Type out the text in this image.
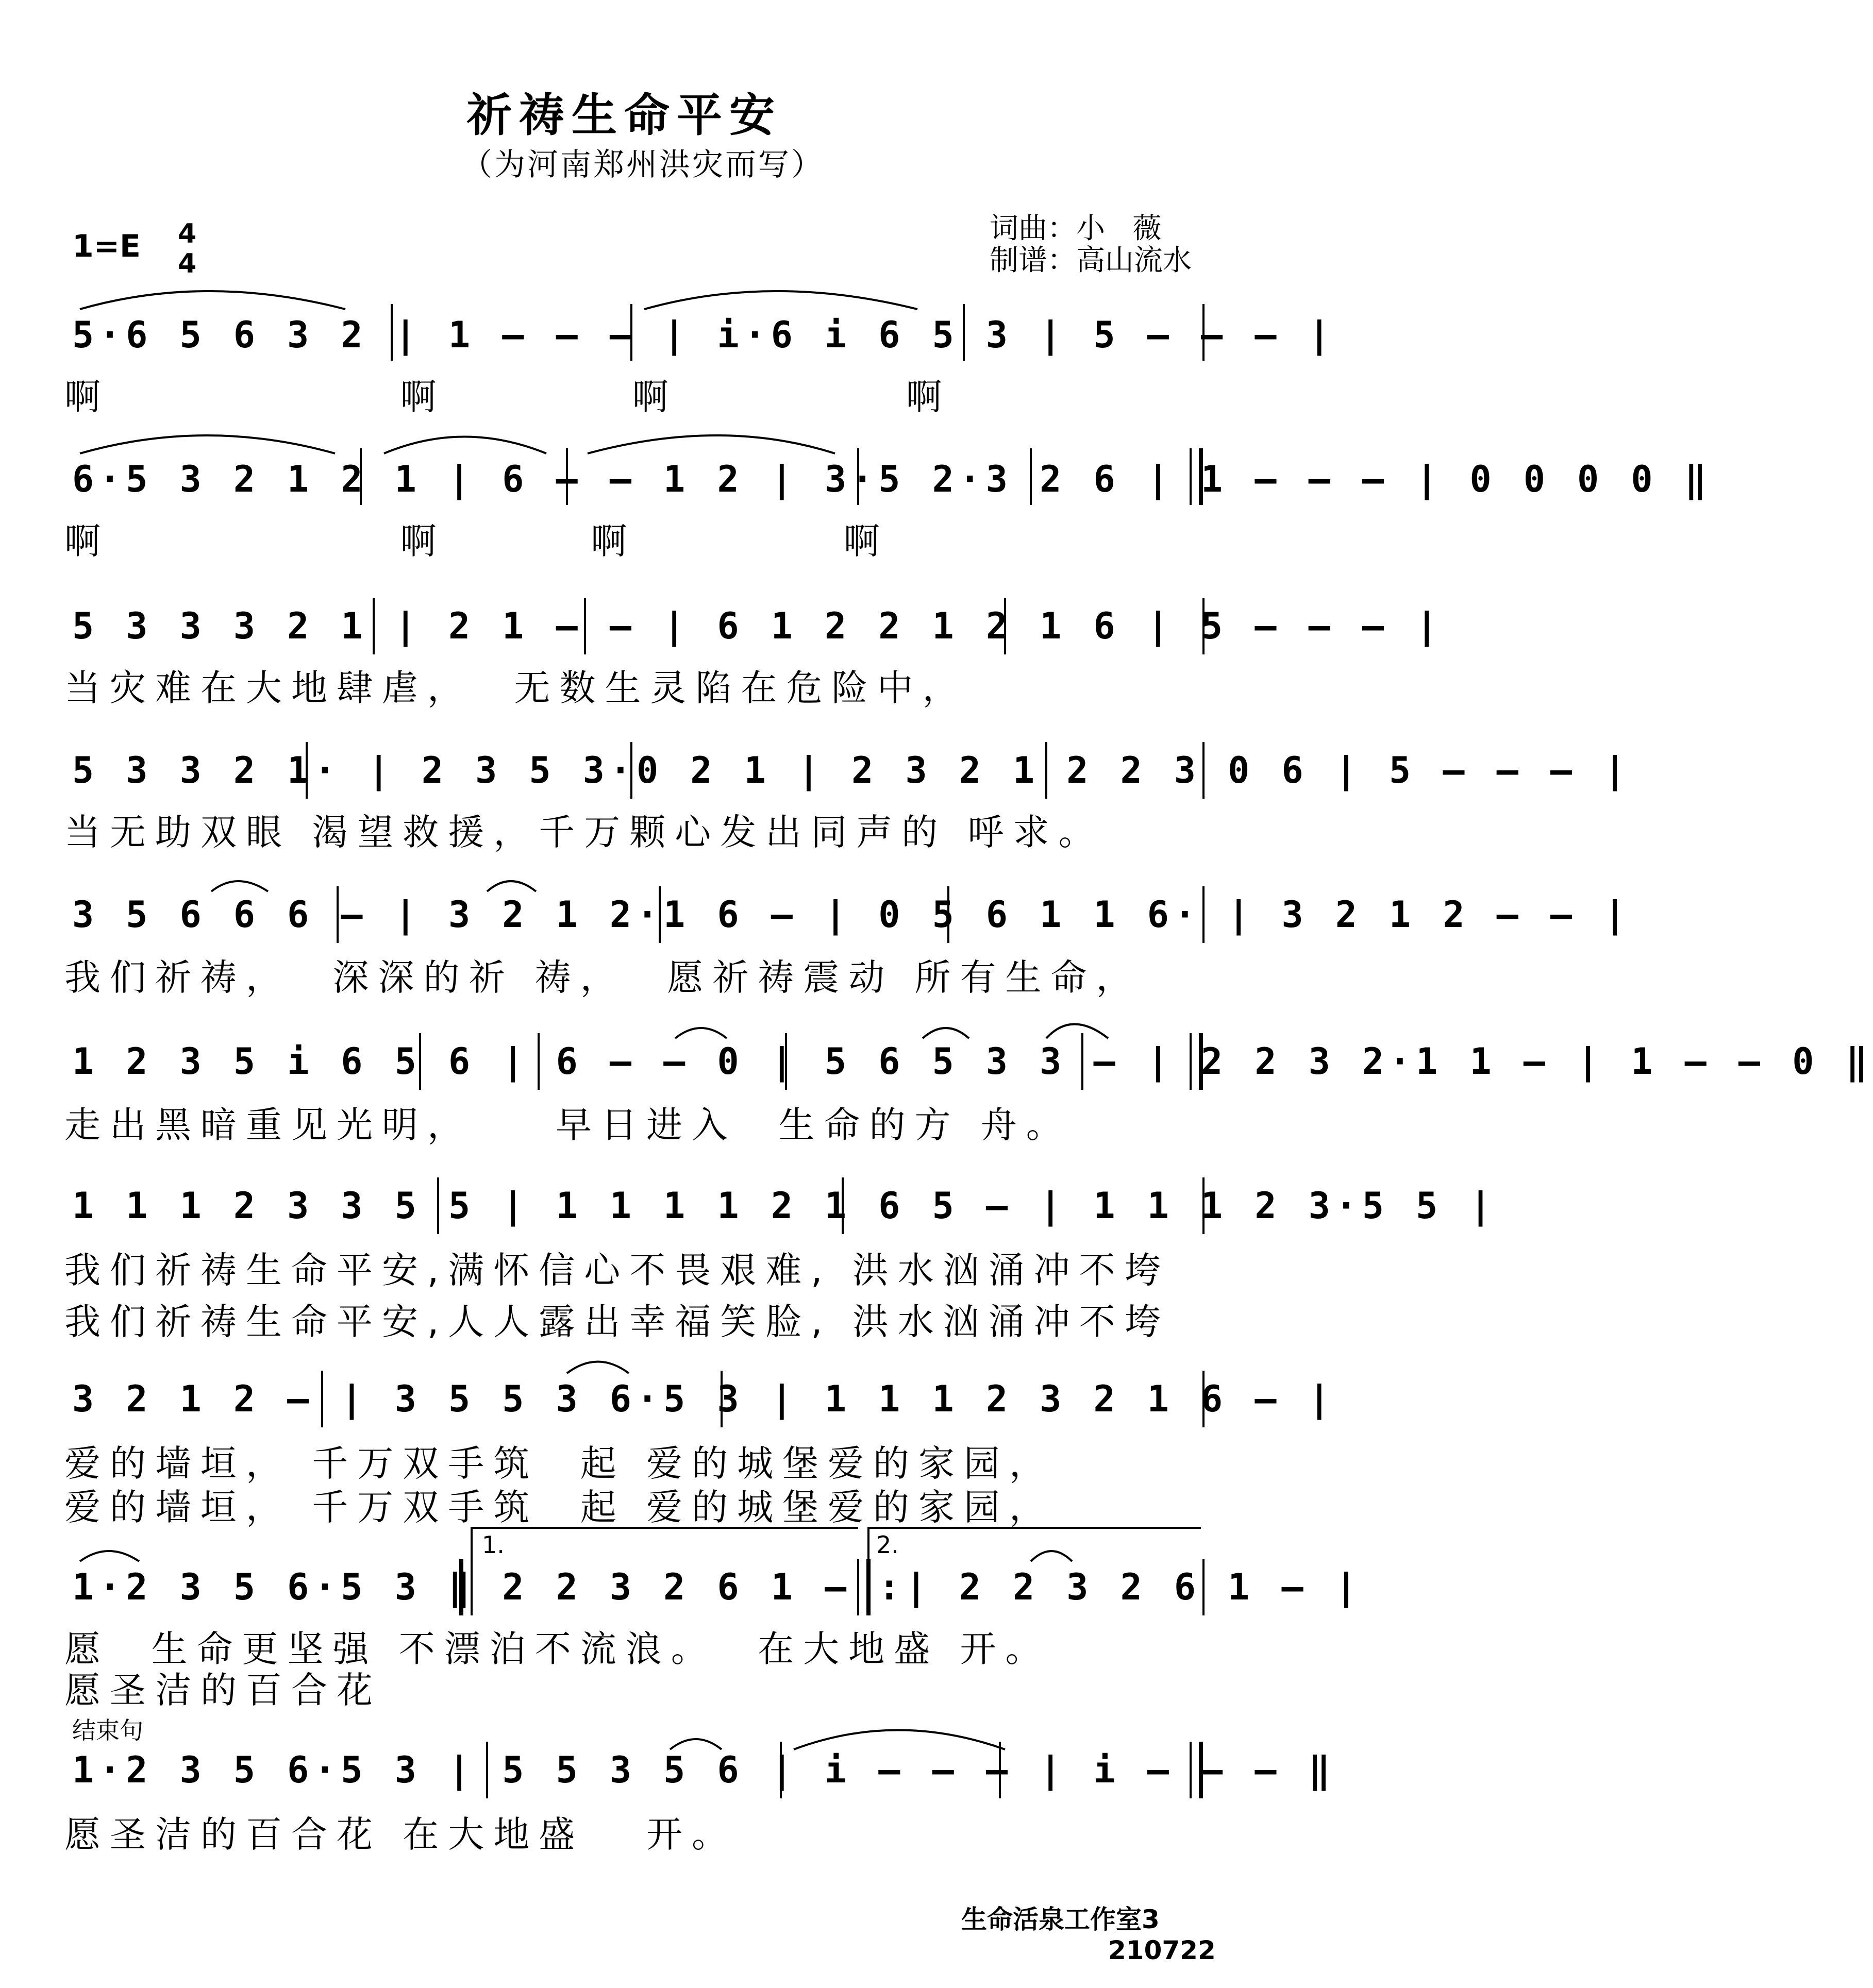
祈祷生命平安
（为河南郑州洪灾而写）
1=E 4
4
词曲：小   薇
制谱：高山流水
5·6 5 6 3 2 | 1 – – – | i·6 i 6 5 3 | 5 – – – |
啊              啊         啊           啊
6·5 3 2 1 2 1 | 6 – – 1 2 | 3·5 2·3 2 6 | 1 – – – | 0 0 0 0 ‖
啊              啊       啊          啊
5 3 3 3 2 1 | 2 1 – – | 6 1 2 2 1 2 1 6 | 5 – – – |
当灾难在大地肆虐，  无数生灵陷在危险中，
5 3 3 2 1· | 2 3 5 3·0 2 1 | 2 3 2 1 2 2 3 0 6 | 5 – – – |
当无助双眼 渴望救援，千万颗心发出同声的 呼求。
3 5 6 6 6 – | 3 2 1 2·1 6 – | 0 5 6 1 1 6· | 3 2 1 2 – – |
我们祈祷，  深深的祈 祷，  愿祈祷震动 所有生命，
1 2 3 5 i 6 5 6 | 6 – – 0 | 5 6 5 3 3 – | 2 2 3 2·1 1 – | 1 – – 0 ‖
走出黑暗重见光明，    早日进入  生命的方 舟。
1 1 1 2 3 3 5 5 | 1 1 1 1 2 1 6 5 – | 1 1 1 2 3·5 5 |
我们祈祷生命平安,满怀信心不畏艰难, 洪水汹涌冲不垮
我们祈祷生命平安,人人露出幸福笑脸, 洪水汹涌冲不垮
3 2 1 2 – | 3 5 5 3 6·5 3 | 1 1 1 2 3 2 1 6 – |
爱的墙垣， 千万双手筑  起 爱的城堡爱的家园，
爱的墙垣， 千万双手筑  起 爱的城堡爱的家园，
1.	2.
1·2 3 5 6·5 3 ‖ 2 2 3 2 6 1 – :| 2 2 3 2 6 1 – |
愿  生命更坚强 不漂泊不流浪。  在大地盛 开。
愿圣洁的百合花
结束句
1·2 3 5 6·5 3 | 5 5 3 5 6 | i – – – | i – – – ‖
愿圣洁的百合花 在大地盛   开。
生命活泉工作室3
210722
